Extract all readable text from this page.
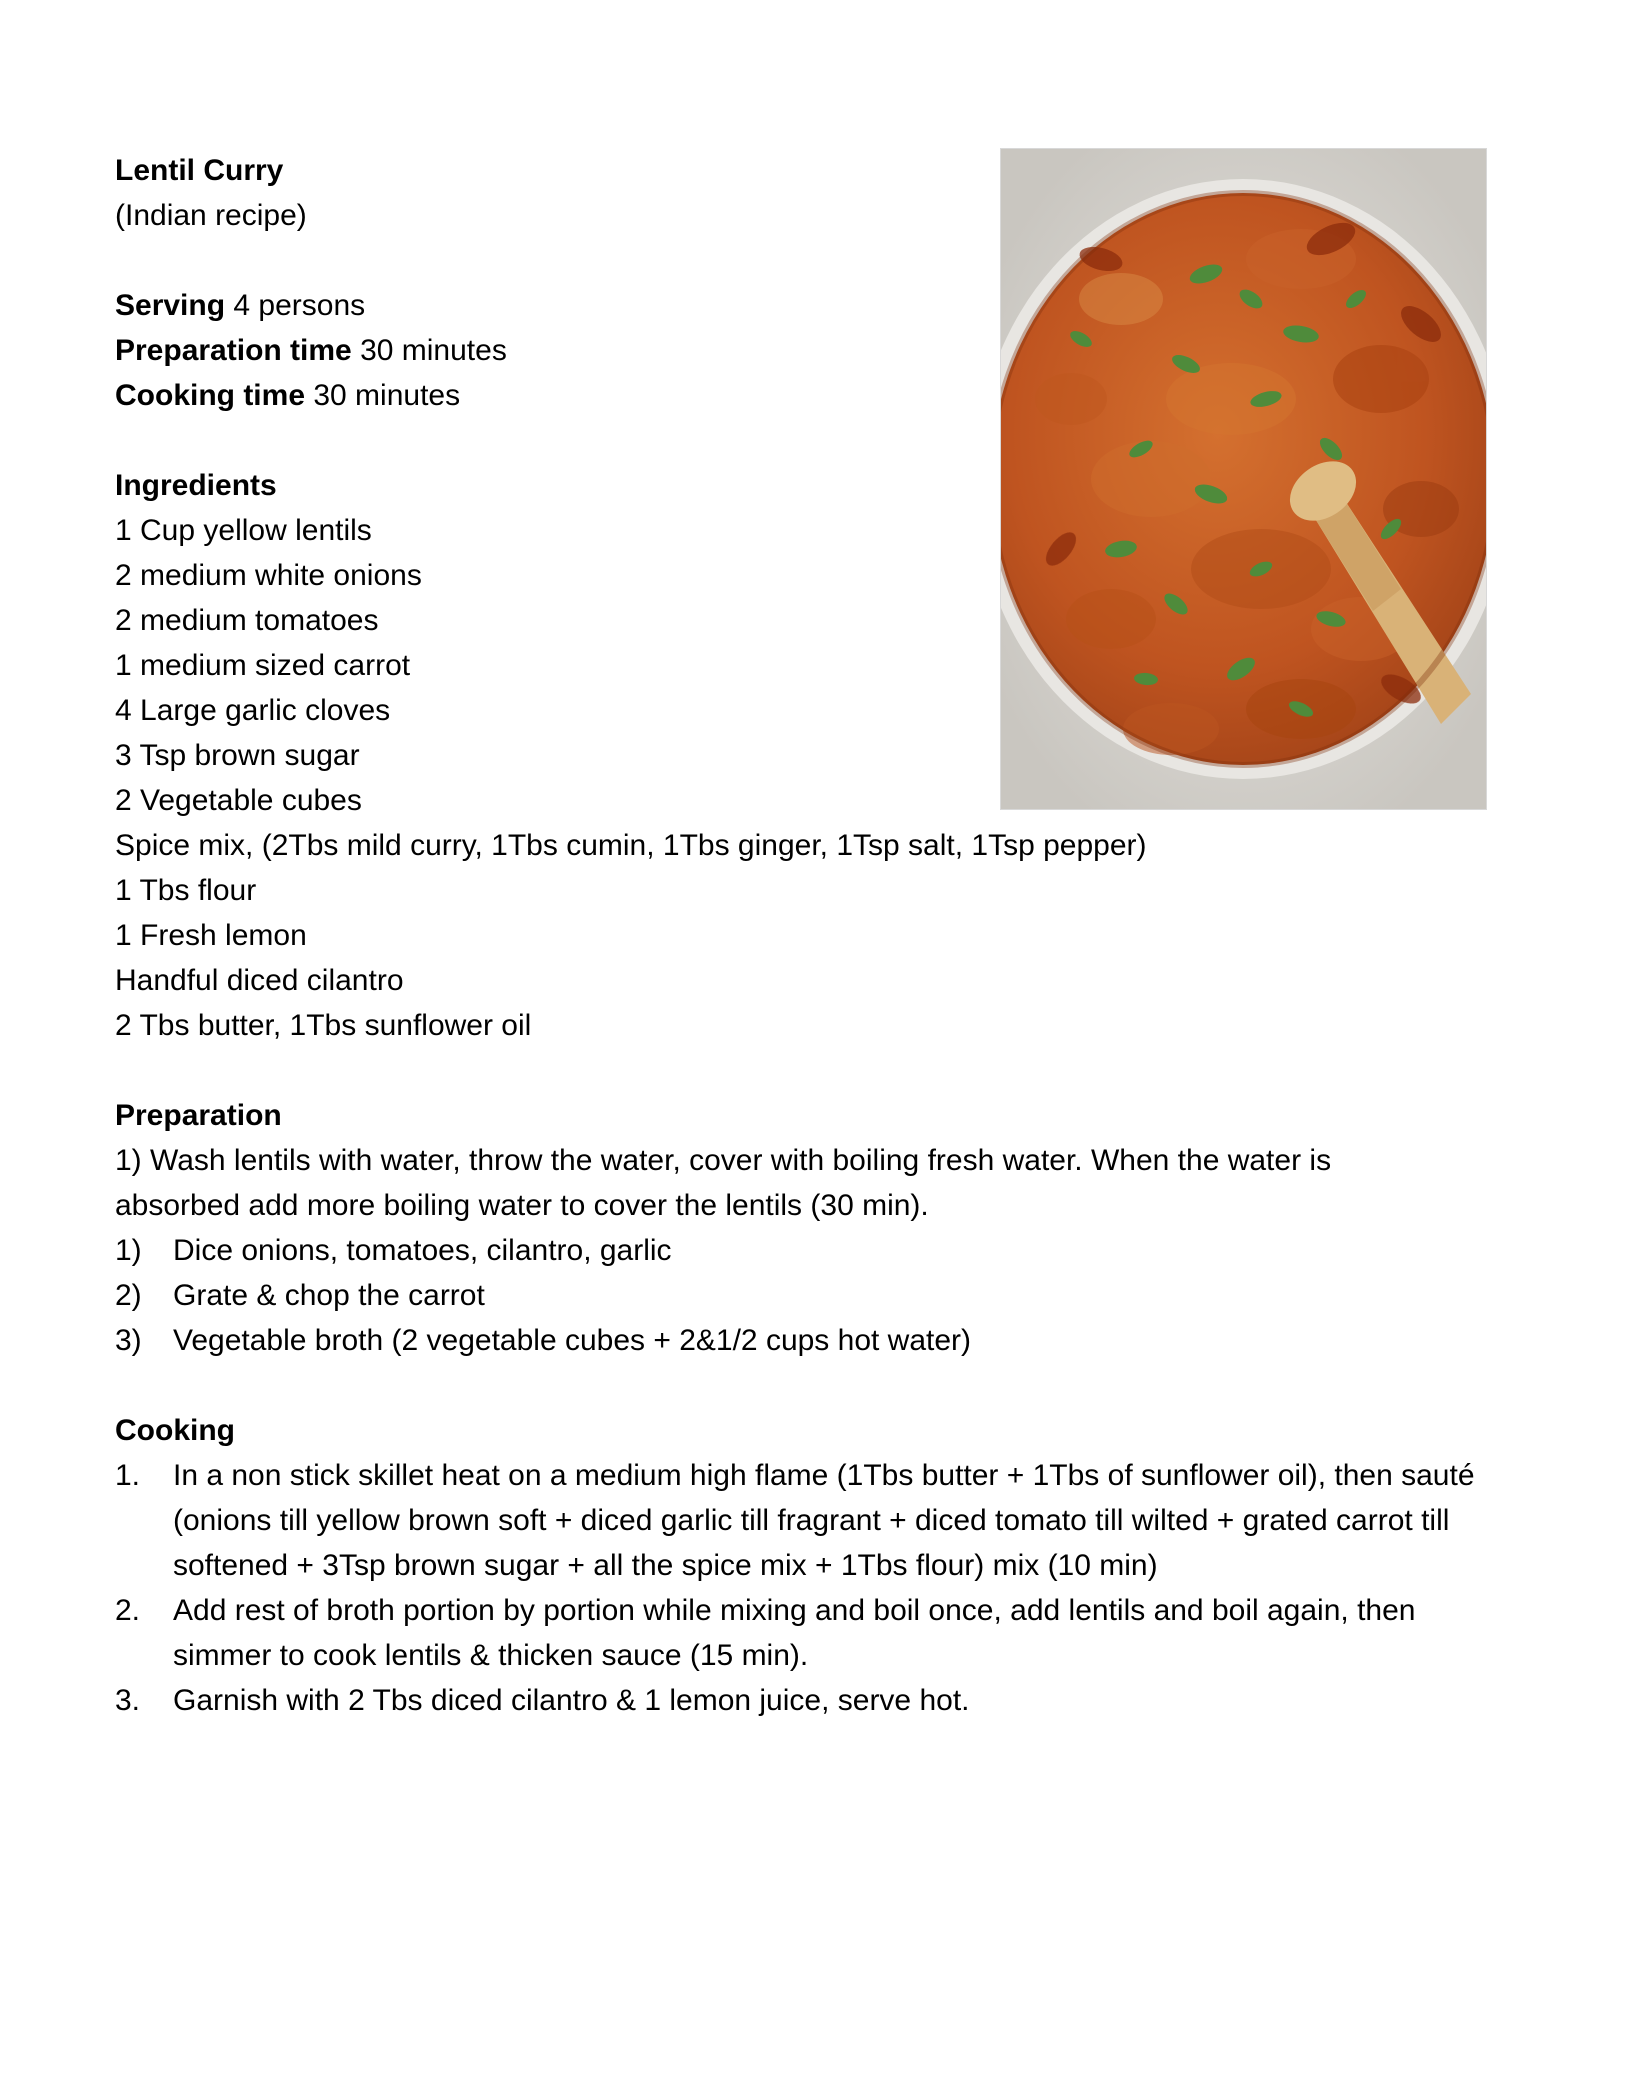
Lentil Curry
(Indian recipe)
Serving 4 persons
Preparation time 30 minutes
Cooking time 30 minutes
Ingredients
1 Cup yellow lentils
2 medium white onions
2 medium tomatoes
1 medium sized carrot
4 Large garlic cloves
3 Tsp brown sugar
2 Vegetable cubes
Spice mix, (2Tbs mild curry, 1Tbs cumin, 1Tbs ginger, 1Tsp salt, 1Tsp pepper)
1 Tbs flour
1 Fresh lemon
Handful diced cilantro
2 Tbs butter, 1Tbs sunflower oil
Preparation
1) Wash lentils with water, throw the water, cover with boiling fresh water. When the water is absorbed add more boiling water to cover the lentils (30 min).
1)	Dice onions, tomatoes, cilantro, garlic
2)	Grate & chop the carrot
3)	Vegetable broth (2 vegetable cubes + 2&1/2 cups hot water)
Cooking
1.	In a non stick skillet heat on a medium high flame (1Tbs butter + 1Tbs of sunflower oil), then sauté (onions till yellow brown soft + diced garlic till fragrant + diced tomato till wilted + grated carrot till softened + 3Tsp brown sugar + all the spice mix + 1Tbs flour) mix (10 min)
2.	Add rest of broth portion by portion while mixing and boil once, add lentils and boil again, then simmer to cook lentils & thicken sauce (15 min).
3.	Garnish with 2 Tbs diced cilantro & 1 lemon juice, serve hot.
